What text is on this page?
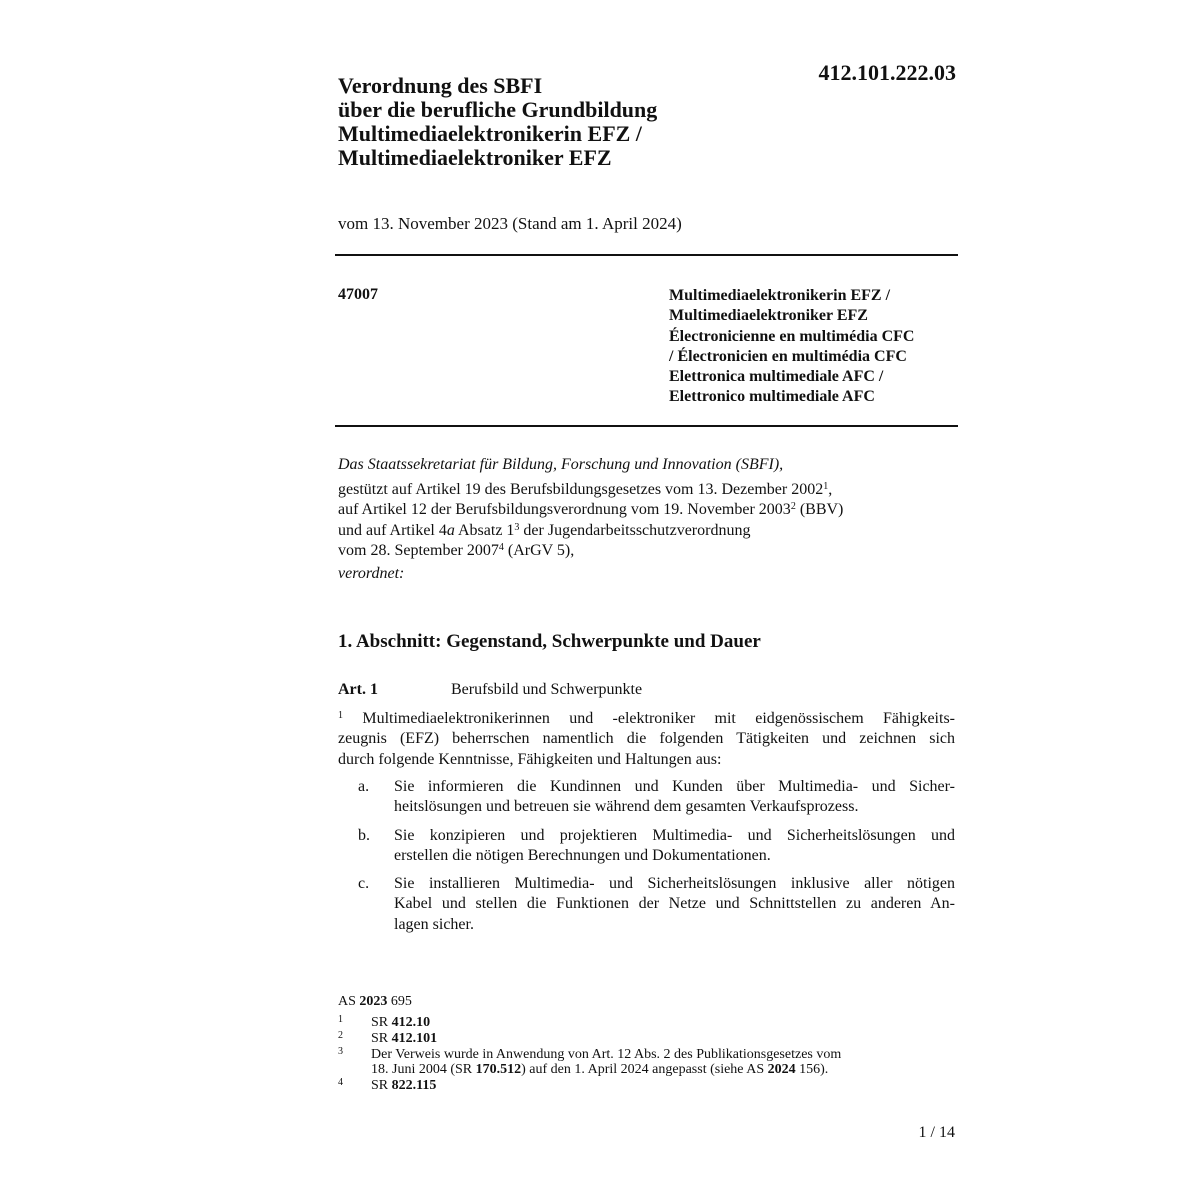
412.101.222.03
Verordnung des SBFI
über die berufliche Grundbildung
Multimediaelektronikerin EFZ /
Multimediaelektroniker EFZ
vom 13. November 2023 (Stand am 1. April 2024)
47007	Multimediaelektronikerin EFZ /
Multimediaelektroniker EFZ
Électronicienne en multimédia CFC
/ Électronicien en multimédia CFC
Elettronica multimediale AFC /
Elettronico multimediale AFC
Das Staatssekretariat für Bildung, Forschung und Innovation (SBFI),
gestützt auf Artikel 19 des Berufsbildungsgesetzes vom 13. Dezember 2002$^1$,
auf Artikel 12 der Berufsbildungsverordnung vom 19. November 2003$^2$ (BBV)
und auf Artikel 4a Absatz $1^3$ der Jugendarbeitsschutzverordnung
vom 28. September 2007$^4$ (ArGV 5),
verordnet:
1. Abschnitt: Gegenstand, Schwerpunkte und Dauer
Art. 1	Berufsbild und Schwerpunkte
$^1$ Multimediaelektronikerinnen und -elektroniker mit eidgenössischem Fähigkeits-
zeugnis (EFZ) beherrschen namentlich die folgenden Tätigkeiten und zeichnen sich
durch folgende Kenntnisse, Fähigkeiten und Haltungen aus:
a. Sie informieren die Kundinnen und Kunden über Multimedia- und Sicher-
heitslösungen und betreuen sie während dem gesamten Verkaufsprozess.
b. Sie konzipieren und projektieren Multimedia- und Sicherheitslösungen und
erstellen die nötigen Berechnungen und Dokumentationen.
c. Sie installieren Multimedia- und Sicherheitslösungen inklusive aller nötigen
Kabel und stellen die Funktionen der Netze und Schnittstellen zu anderen An-
lagen sicher.
AS 2023 695
1 SR 412.10
2 SR 412.101
3 Der Verweis wurde in Anwendung von Art. 12 Abs. 2 des Publikationsgesetzes vom
18. Juni 2004 (SR 170.512) auf den 1. April 2024 angepasst (siehe AS 2024 156).
4 SR 822.115
1 / 14
